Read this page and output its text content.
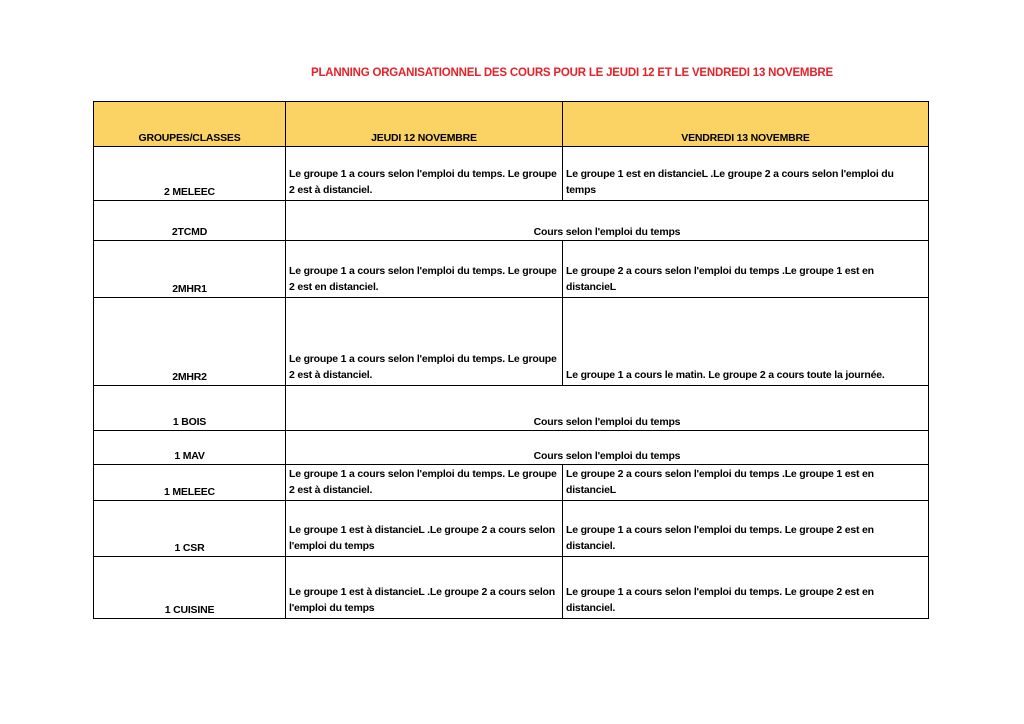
PLANNING ORGANISATIONNEL DES COURS POUR LE JEUDI 12 ET LE VENDREDI 13 NOVEMBRE
GROUPES/CLASSES	JEUDI 12 NOVEMBRE	VENDREDI 13 NOVEMBRE
2 MELEEC	Le groupe 1 a cours selon l'emploi du temps. Le groupe 2 est à distanciel.	Le groupe 1 est en distancieL .Le groupe 2 a cours selon l'emploi du temps
2TCMD	Cours selon l'emploi du temps	
2MHR1	Le groupe 1 a cours selon l'emploi du temps. Le groupe 2 est en distanciel.	Le groupe 2 a cours selon l'emploi du temps .Le groupe 1 est en distancieL
2MHR2	Le groupe 1 a cours selon l'emploi du temps. Le groupe 2 est à distanciel.	Le groupe 1 a cours le matin. Le groupe 2 a cours toute la journée.
1 BOIS	Cours selon l'emploi du temps	
1 MAV	Cours selon l'emploi du temps	
1 MELEEC	Le groupe 1 a cours selon l'emploi du temps. Le groupe 2 est à distanciel.	Le groupe 2 a cours selon l'emploi du temps .Le groupe 1 est en distancieL
1 CSR	Le groupe 1 est à distancieL .Le groupe 2 a cours selon l'emploi du temps	Le groupe 1 a cours selon l'emploi du temps. Le groupe 2 est en distanciel.
1 CUISINE	Le groupe 1 est à distancieL .Le groupe 2 a cours selon l'emploi du temps	Le groupe 1 a cours selon l'emploi du temps. Le groupe 2 est en distanciel.
